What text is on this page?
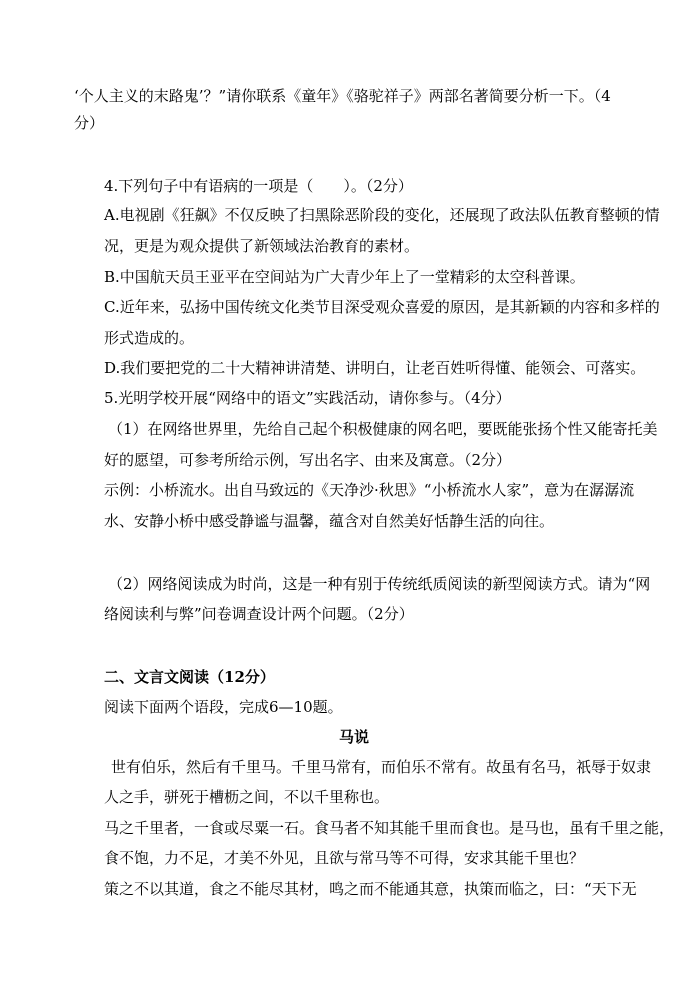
‘个人主义的末路鬼’？”请你联系《童年》《骆驼祥子》两部名著简要分析一下。（4
分）
4.下列句子中有语病的一项是（　　）。（2分）
A.电视剧《狂飙》不仅反映了扫黑除恶阶段的变化，还展现了政法队伍教育整顿的情
况，更是为观众提供了新领域法治教育的素材。
B.中国航天员王亚平在空间站为广大青少年上了一堂精彩的太空科普课。
C.近年来，弘扬中国传统文化类节目深受观众喜爱的原因，是其新颖的内容和多样的
形式造成的。
D.我们要把党的二十大精神讲清楚、讲明白，让老百姓听得懂、能领会、可落实。
5.光明学校开展“网络中的语文”实践活动，请你参与。（4分）
（1）在网络世界里，先给自己起个积极健康的网名吧，要既能张扬个性又能寄托美
好的愿望，可参考所给示例，写出名字、由来及寓意。（2分）
示例：小桥流水。出自马致远的《天净沙·秋思》“小桥流水人家”，意为在潺潺流
水、安静小桥中感受静谧与温馨，蕴含对自然美好恬静生活的向往。
（2）网络阅读成为时尚，这是一种有别于传统纸质阅读的新型阅读方式。请为“网
络阅读利与弊”问卷调查设计两个问题。（2分）
二、文言文阅读（12分）
阅读下面两个语段，完成6—10题。
马说
世有伯乐，然后有千里马。千里马常有，而伯乐不常有。故虽有名马，祇辱于奴隶
人之手，骈死于槽枥之间，不以千里称也。
马之千里者，一食或尽粟一石。食马者不知其能千里而食也。是马也，虽有千里之能，
食不饱，力不足，才美不外见，且欲与常马等不可得，安求其能千里也？
策之不以其道，食之不能尽其材，鸣之而不能通其意，执策而临之，曰：“天下无
